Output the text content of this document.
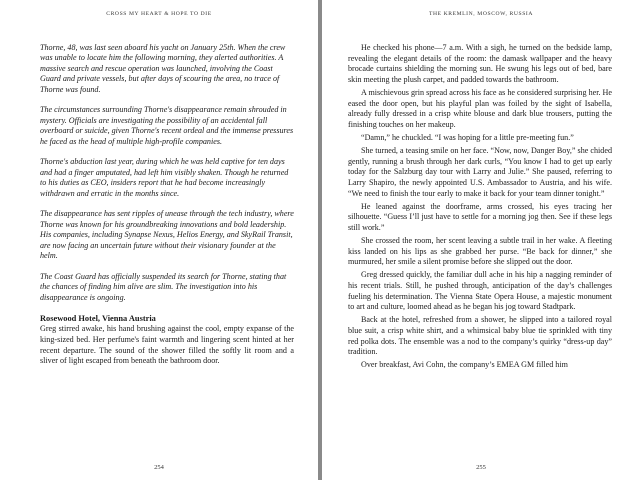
CROSS MY HEART & HOPE TO DIE

Thorne, 48, was last seen aboard his yacht on January 25th. When the crew was unable to locate him the following morning, they alerted authorities. A massive search and rescue operation was launched, involving the Coast Guard and private vessels, but after days of scouring the area, no trace of Thorne was found.

The circumstances surrounding Thorne's disappearance remain shrouded in mystery. Officials are investigating the possibility of an accidental fall overboard or suicide, given Thorne's recent ordeal and the immense pressures he faced as the head of multiple high-profile companies.

Thorne's abduction last year, during which he was held captive for ten days and had a finger amputated, had left him visibly shaken. Though he returned to his duties as CEO, insiders report that he had become increasingly withdrawn and erratic in the months since.

The disappearance has sent ripples of unease through the tech industry, where Thorne was known for his groundbreaking innovations and bold leadership. His companies, including Synapse Nexus, Helios Energy, and SkyRail Transit, are now facing an uncertain future without their visionary founder at the helm.

The Coast Guard has officially suspended its search for Thorne, stating that the chances of finding him alive are slim. The investigation into his disappearance is ongoing.

Rosewood Hotel, Vienna Austria

Greg stirred awake, his hand brushing against the cool, empty expanse of the king-sized bed. Her perfume's faint warmth and lingering scent hinted at her recent departure. The sound of the shower filled the softly lit room and a sliver of light escaped from beneath the bathroom door.

254
THE KREMLIN, MOSCOW, RUSSIA

He checked his phone—7 a.m. With a sigh, he turned on the bedside lamp, revealing the elegant details of the room: the damask wallpaper and the heavy brocade curtains shielding the morning sun. He swung his legs out of bed, bare skin meeting the plush carpet, and padded towards the bathroom.

A mischievous grin spread across his face as he considered surprising her. He eased the door open, but his playful plan was foiled by the sight of Isabella, already fully dressed in a crisp white blouse and dark blue trousers, putting the finishing touches on her makeup.

“Damn,” he chuckled. “I was hoping for a little pre-meeting fun.”

She turned, a teasing smile on her face. “Now, now, Danger Boy,” she chided gently, running a brush through her dark curls, “You know I had to get up early today for the Salzburg day tour with Larry and Julie.” She paused, referring to Larry Shapiro, the newly appointed U.S. Ambassador to Austria, and his wife. “We need to finish the tour early to make it back for your team dinner tonight.”

He leaned against the doorframe, arms crossed, his eyes tracing her silhouette. “Guess I’ll just have to settle for a morning jog then. See if these legs still work.”

She crossed the room, her scent leaving a subtle trail in her wake. A fleeting kiss landed on his lips as she grabbed her purse. “Be back for dinner,” she murmured, her smile a silent promise before she slipped out the door.

Greg dressed quickly, the familiar dull ache in his hip a nagging reminder of his recent trials. Still, he pushed through, anticipation of the day’s challenges fueling his determination. The Vienna State Opera House, a majestic monument to art and culture, loomed ahead as he began his jog toward Stadtpark.

Back at the hotel, refreshed from a shower, he slipped into a tailored royal blue suit, a crisp white shirt, and a whimsical baby blue tie sprinkled with tiny red polka dots. The ensemble was a nod to the company’s quirky “dress-up day” tradition.

Over breakfast, Avi Cohn, the company’s EMEA GM filled him

255
